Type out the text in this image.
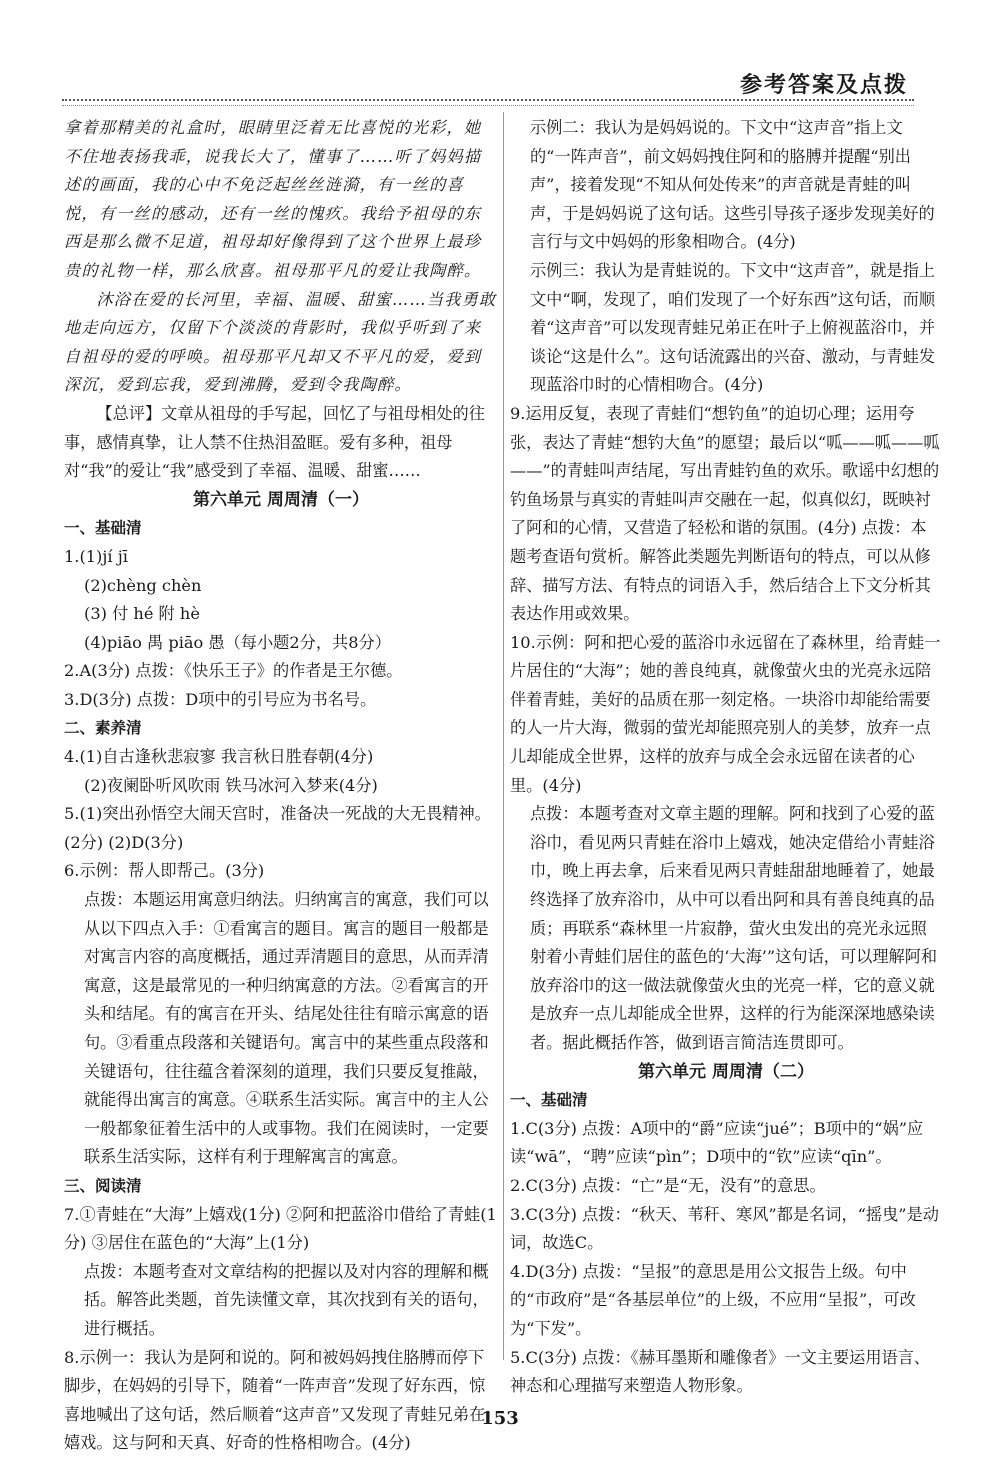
参考答案及点拨

拿着那精美的礼盒时，眼睛里泛着无比喜悦的光彩，她不住地表扬我乖，说我长大了，懂事了……听了妈妈描述的画面，我的心中不免泛起丝丝涟漪，有一丝的喜悦，有一丝的感动，还有一丝的愧疚。我给予祖母的东西是那么微不足道，祖母却好像得到了这个世界上最珍贵的礼物一样，那么欣喜。祖母那平凡的爱让我陶醉。

沐浴在爱的长河里，幸福、温暖、甜蜜……当我勇敢地走向远方，仅留下个淡淡的背影时，我似乎听到了来自祖母的爱的呼唤。祖母那平凡却又不平凡的爱，爱到深沉，爱到忘我，爱到沸腾，爱到令我陶醉。

【总评】文章从祖母的手写起，回忆了与祖母相处的往事，感情真挚，让人禁不住热泪盈眶。爱有多种，祖母对“我”的爱让“我”感受到了幸福、温暖、甜蜜……

第六单元 周周清（一）

一、基础清

1.(1)jí jī

(2)chèng chèn

(3) 付 hé 附 hè

(4)piāo 禺 piāo 愚（每小题2分，共8分）

2.A(3分) 点拨：《快乐王子》的作者是王尔德。

3.D(3分) 点拨：D项中的引号应为书名号。

二、素养清

4.(1)自古逢秋悲寂寥 我言秋日胜春朝(4分)

(2)夜阑卧听风吹雨 铁马冰河入梦来(4分)

5.(1)突出孙悟空大闹天宫时，准备决一死战的大无畏精神。(2分) (2)D(3分)

6.示例：帮人即帮己。(3分)

点拨：本题运用寓意归纳法。归纳寓言的寓意，我们可以从以下四点入手：①看寓言的题目。寓言的题目一般都是对寓言内容的高度概括，通过弄清题目的意思，从而弄清寓意，这是最常见的一种归纳寓意的方法。②看寓言的开头和结尾。有的寓言在开头、结尾处往往有暗示寓意的语句。③看重点段落和关键语句。寓言中的某些重点段落和关键语句，往往蕴含着深刻的道理，我们只要反复推敲，就能得出寓言的寓意。④联系生活实际。寓言中的主人公一般都象征着生活中的人或事物。我们在阅读时，一定要联系生活实际，这样有利于理解寓言的寓意。

三、阅读清

7.①青蛙在“大海”上嬉戏(1分) ②阿和把蓝浴巾借给了青蛙(1分) ③居住在蓝色的“大海”上(1分)

点拨：本题考查对文章结构的把握以及对内容的理解和概括。解答此类题，首先读懂文章，其次找到有关的语句，进行概括。

8.示例一：我认为是阿和说的。阿和被妈妈拽住胳膊而停下脚步，在妈妈的引导下，随着“一阵声音”发现了好东西，惊喜地喊出了这句话，然后顺着“这声音”又发现了青蛙兄弟在嬉戏。这与阿和天真、好奇的性格相吻合。(4分)

示例二：我认为是妈妈说的。下文中“这声音”指上文的“一阵声音”，前文妈妈拽住阿和的胳膊并提醒“别出声”，接着发现“不知从何处传来”的声音就是青蛙的叫声，于是妈妈说了这句话。这些引导孩子逐步发现美好的言行与文中妈妈的形象相吻合。(4分)

示例三：我认为是青蛙说的。下文中“这声音”，就是指上文中“啊，发现了，咱们发现了一个好东西”这句话，而顺着“这声音”可以发现青蛙兄弟正在叶子上俯视蓝浴巾，并谈论“这是什么”。这句话流露出的兴奋、激动，与青蛙发现蓝浴巾时的心情相吻合。(4分)

9.运用反复，表现了青蛙们“想钓鱼”的迫切心理；运用夸张，表达了青蛙“想钓大鱼”的愿望；最后以“呱——呱——呱——”的青蛙叫声结尾，写出青蛙钓鱼的欢乐。歌谣中幻想的钓鱼场景与真实的青蛙叫声交融在一起，似真似幻，既映衬了阿和的心情，又营造了轻松和谐的氛围。(4分) 点拨：本题考查语句赏析。解答此类题先判断语句的特点，可以从修辞、描写方法、有特点的词语入手，然后结合上下文分析其表达作用或效果。

10.示例：阿和把心爱的蓝浴巾永远留在了森林里，给青蛙一片居住的“大海”；她的善良纯真，就像萤火虫的光亮永远陪伴着青蛙，美好的品质在那一刻定格。一块浴巾却能给需要的人一片大海，微弱的萤光却能照亮别人的美梦，放弃一点儿却能成全世界，这样的放弃与成全会永远留在读者的心里。(4分)

点拨：本题考查对文章主题的理解。阿和找到了心爱的蓝浴巾，看见两只青蛙在浴巾上嬉戏，她决定借给小青蛙浴巾，晚上再去拿，后来看见两只青蛙甜甜地睡着了，她最终选择了放弃浴巾，从中可以看出阿和具有善良纯真的品质；再联系“森林里一片寂静，萤火虫发出的亮光永远照射着小青蛙们居住的蓝色的‘大海’”这句话，可以理解阿和放弃浴巾的这一做法就像萤火虫的光亮一样，它的意义就是放弃一点儿却能成全世界，这样的行为能深深地感染读者。据此概括作答，做到语言简洁连贯即可。

第六单元 周周清（二）

一、基础清

1.C(3分) 点拨：A项中的“爵”应读“jué”；B项中的“娲”应读“wā”，“聘”应读“pìn”；D项中的“钦”应读“qīn”。

2.C(3分) 点拨：“亡”是“无，没有”的意思。

3.C(3分) 点拨：“秋天、苇秆、寒风”都是名词，“摇曳”是动词，故选C。

4.D(3分) 点拨：“呈报”的意思是用公文报告上级。句中的“市政府”是“各基层单位”的上级，不应用“呈报”，可改为“下发”。

5.C(3分) 点拨：《赫耳墨斯和雕像者》一文主要运用语言、神态和心理描写来塑造人物形象。

153
